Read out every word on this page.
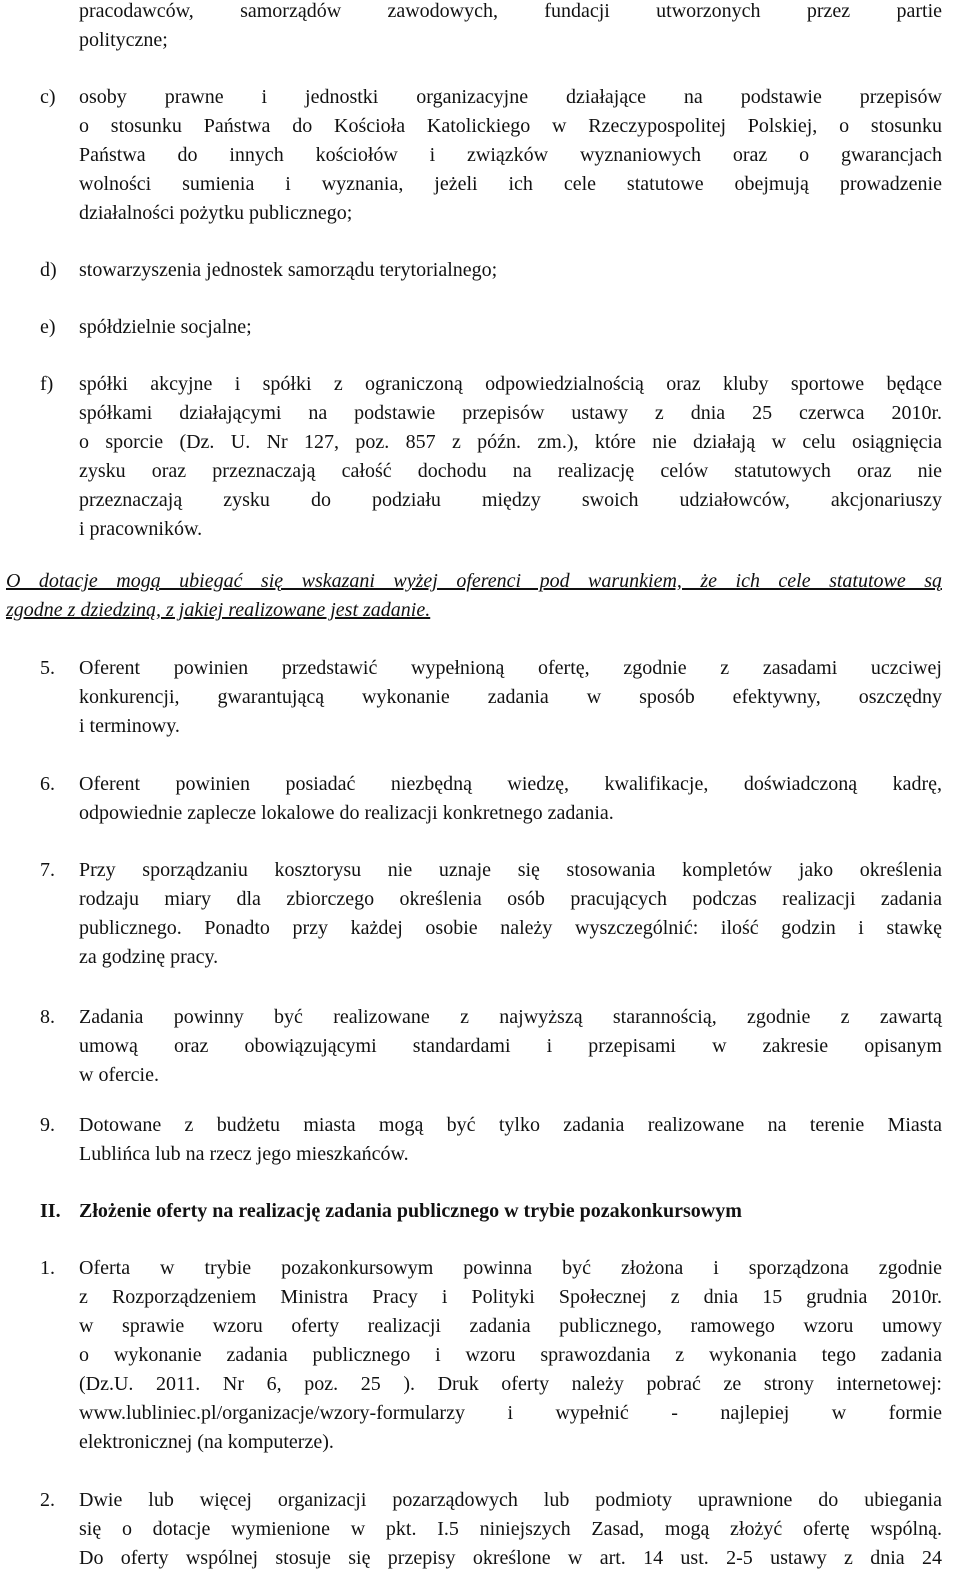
pracodawców, samorządów zawodowych, fundacji utworzonych przez partie
polityczne;
c) osoby prawne i jednostki organizacyjne działające na podstawie przepisów
o stosunku Państwa do Kościoła Katolickiego w Rzeczypospolitej Polskiej, o stosunku
Państwa do innych kościołów i związków wyznaniowych oraz o gwarancjach
wolności sumienia i wyznania, jeżeli ich cele statutowe obejmują prowadzenie
działalności pożytku publicznego;
d) stowarzyszenia jednostek samorządu terytorialnego;
e) spółdzielnie socjalne;
f) spółki akcyjne i spółki z ograniczoną odpowiedzialnością oraz kluby sportowe będące
spółkami działającymi na podstawie przepisów ustawy z dnia 25 czerwca 2010r.
o sporcie (Dz. U. Nr 127, poz. 857 z późn. zm.), które nie działają w celu osiągnięcia
zysku oraz przeznaczają całość dochodu na realizację celów statutowych oraz nie
przeznaczają zysku do podziału między swoich udziałowców, akcjonariuszy
i pracowników.
O dotacje mogą ubiegać się wskazani wyżej oferenci pod warunkiem, że ich cele statutowe są
zgodne z dziedziną, z jakiej realizowane jest zadanie.
5. Oferent powinien przedstawić wypełnioną ofertę, zgodnie z zasadami uczciwej
konkurencji, gwarantującą wykonanie zadania w sposób efektywny, oszczędny
i terminowy.
6. Oferent powinien posiadać niezbędną wiedzę, kwalifikacje, doświadczoną kadrę,
odpowiednie zaplecze lokalowe do realizacji konkretnego zadania.
7. Przy sporządzaniu kosztorysu nie uznaje się stosowania kompletów jako określenia
rodzaju miary dla zbiorczego określenia osób pracujących podczas realizacji zadania
publicznego. Ponadto przy każdej osobie należy wyszczególnić: ilość godzin i stawkę
za godzinę pracy.
8. Zadania powinny być realizowane z najwyższą starannością, zgodnie z zawartą
umową oraz obowiązującymi standardami i przepisami w zakresie opisanym
w ofercie.
9. Dotowane z budżetu miasta mogą być tylko zadania realizowane na terenie Miasta
Lublińca lub na rzecz jego mieszkańców.
II. Złożenie oferty na realizację zadania publicznego w trybie pozakonkursowym
1. Oferta w trybie pozakonkursowym powinna być złożona i sporządzona zgodnie
z Rozporządzeniem Ministra Pracy i Polityki Społecznej z dnia 15 grudnia 2010r.
w sprawie wzoru oferty realizacji zadania publicznego, ramowego wzoru umowy
o wykonanie zadania publicznego i wzoru sprawozdania z wykonania tego zadania
(Dz.U. 2011. Nr 6, poz. 25 ). Druk oferty należy pobrać ze strony internetowej:
www.lubliniec.pl/organizacje/wzory-formularzy i wypełnić - najlepiej w formie
elektronicznej (na komputerze).
2. Dwie lub więcej organizacji pozarządowych lub podmioty uprawnione do ubiegania
się o dotacje wymienione w pkt. I.5 niniejszych Zasad, mogą złożyć ofertę wspólną.
Do oferty wspólnej stosuje się przepisy określone w art. 14 ust. 2-5 ustawy z dnia 24
